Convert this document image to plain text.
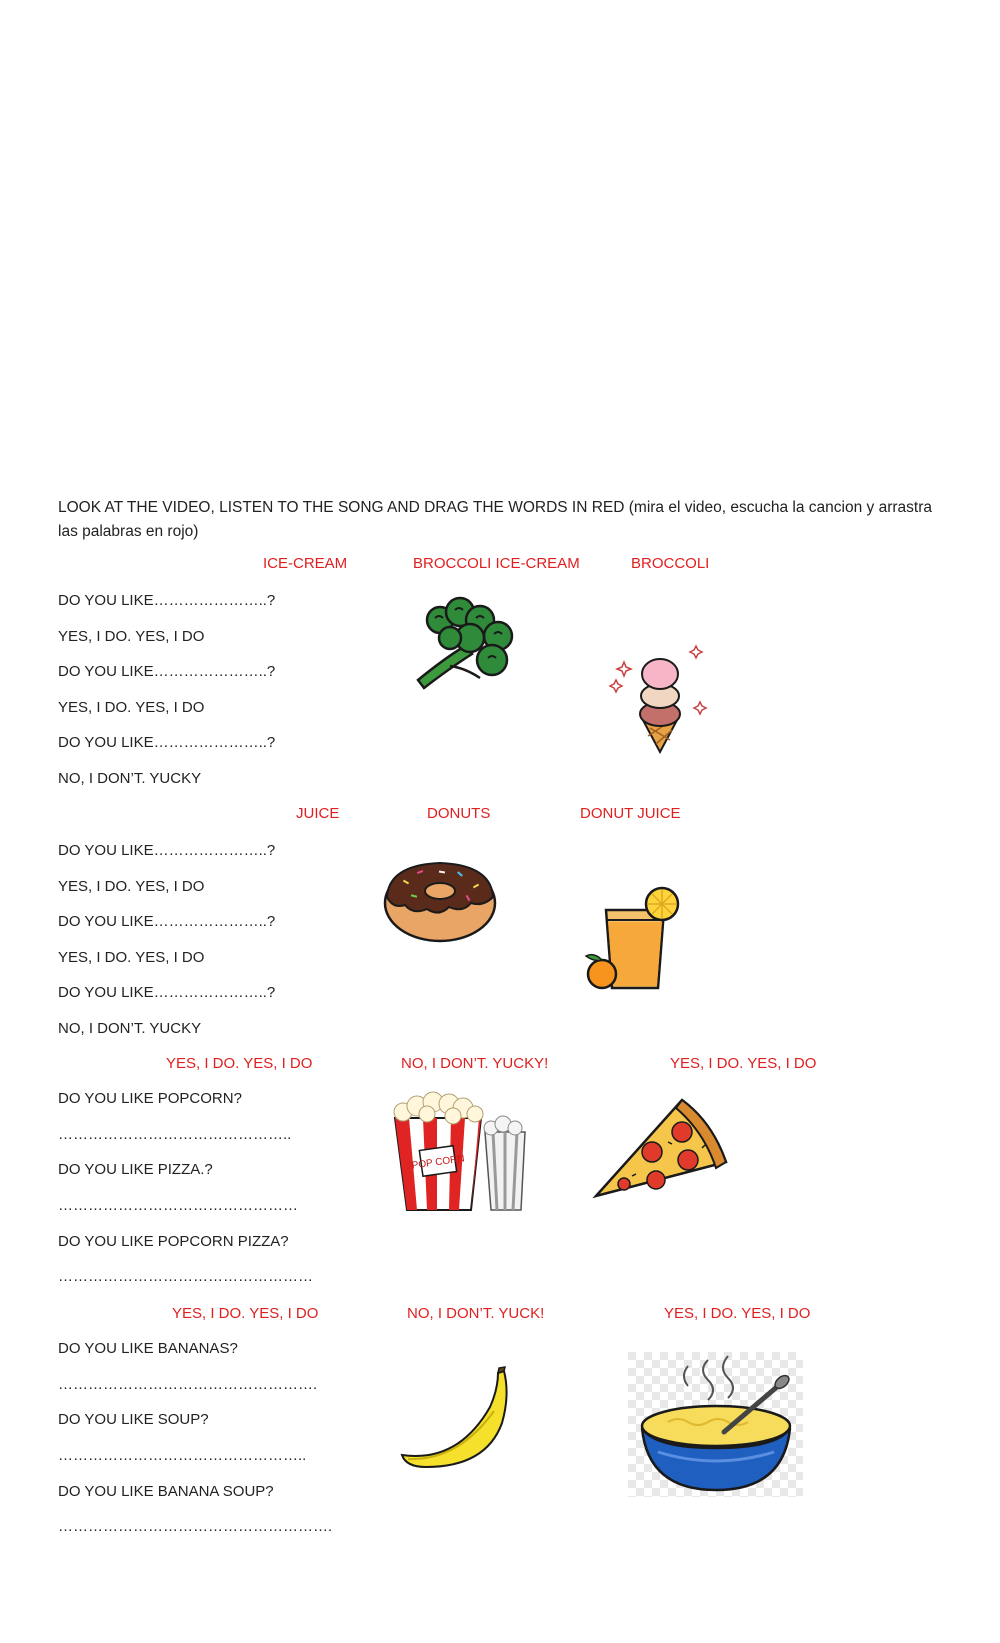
LOOK AT THE VIDEO, LISTEN TO THE SONG AND DRAG THE WORDS IN RED (mira el video, escucha la cancion y arrastra las palabras en rojo)
ICE-CREAM	BROCCOLI ICE-CREAM	BROCCOLI
DO YOU LIKE…………………..?
YES, I DO. YES, I DO
DO YOU LIKE…………………..?
YES, I DO. YES, I DO
DO YOU LIKE…………………..?
NO, I DON’T. YUCKY
JUICE	DONUTS	DONUT JUICE
DO YOU LIKE…………………..?
YES, I DO. YES, I DO
DO YOU LIKE…………………..?
YES, I DO. YES, I DO
DO YOU LIKE…………………..?
NO, I DON’T. YUCKY
YES, I DO. YES, I DO	NO, I DON’T. YUCKY!	YES, I DO. YES, I DO
DO YOU LIKE POPCORN?
………………………………………..
DO YOU LIKE PIZZA.?
…………………………………………
DO YOU LIKE POPCORN PIZZA?
……………………………………………
POP CORN
YES, I DO. YES, I DO	NO, I DON’T. YUCK!	YES, I DO. YES, I DO
DO YOU LIKE BANANAS?
…………………………………………….
DO YOU LIKE SOUP?
…………………………………………..
DO YOU LIKE BANANA SOUP?
……………………………………………….
